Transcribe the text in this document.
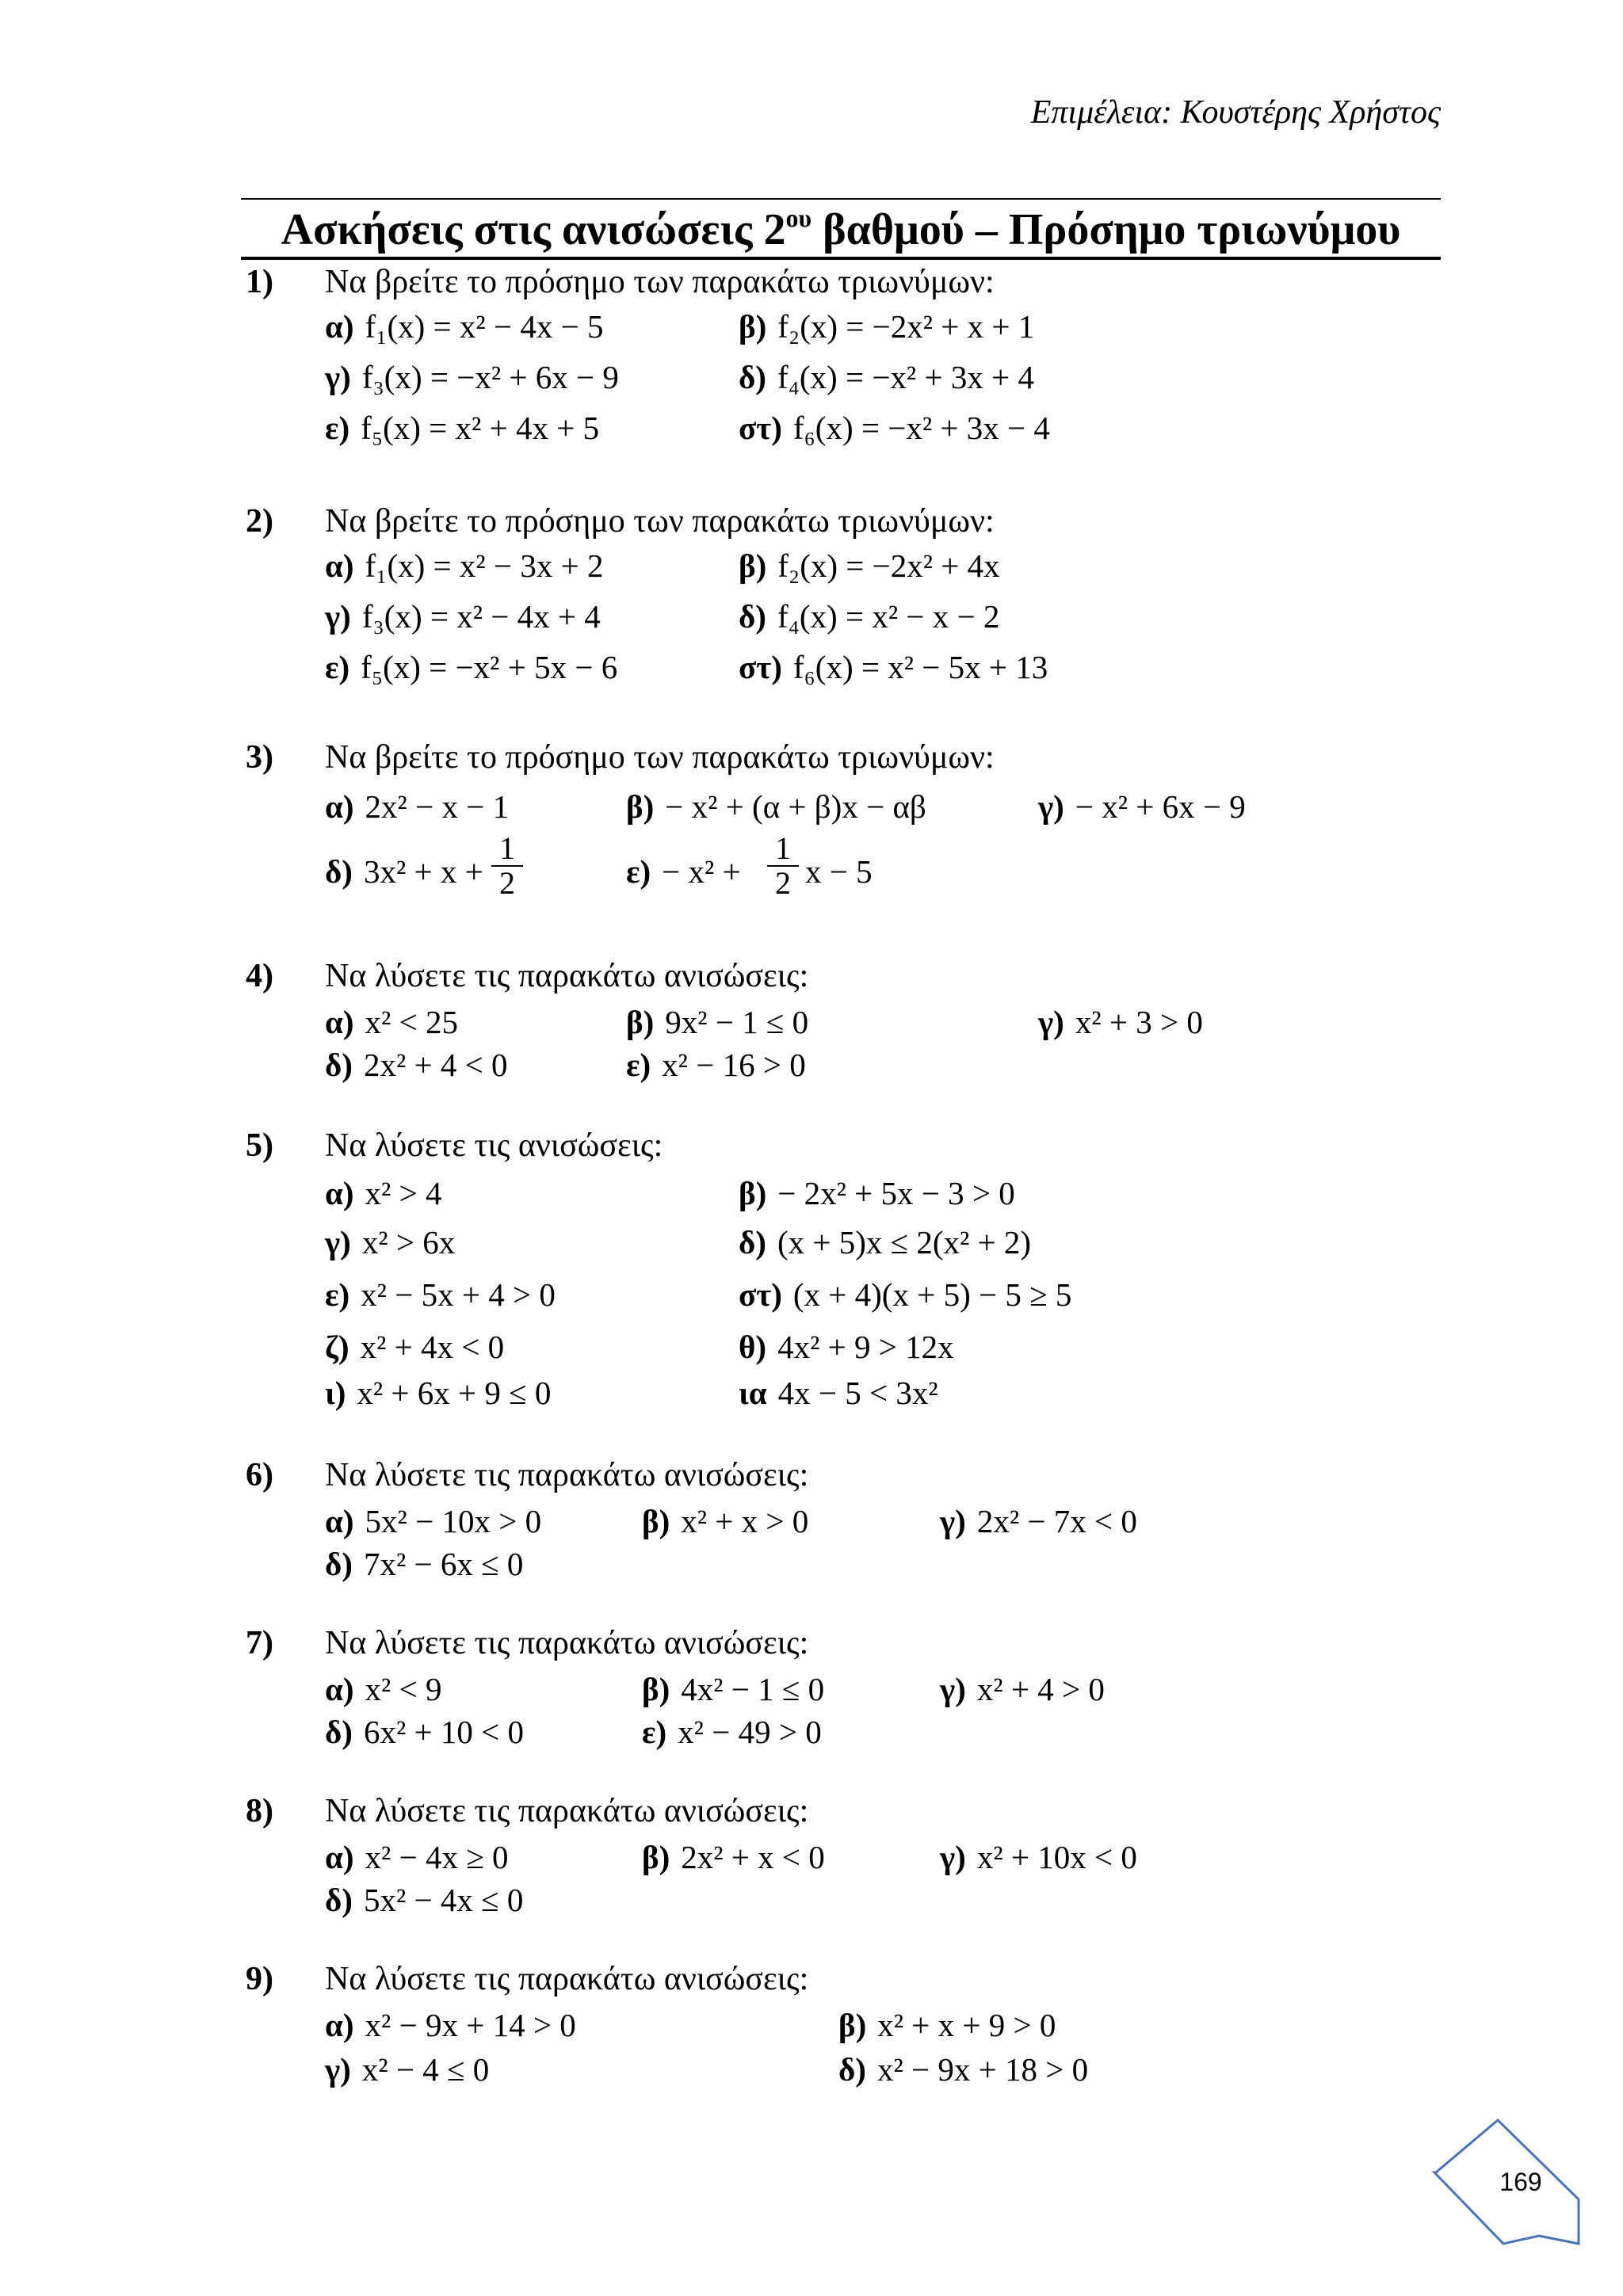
Επιμέλεια: Κουστέρης Χρήστος
Ασκήσεις στις ανισώσεις $2^{o\upsilon}$ βαθμού – Πρόσημο τριωνύμου
1) Να βρείτε το πρόσημο των παρακάτω τριωνύμων:
α) f₁(x) = x² − 4x − 5	β) f₂(x) = −2x² + x + 1
γ) f₃(x) = −x² + 6x − 9	δ) f₄(x) = −x² + 3x + 4
ε) f₅(x) = x² + 4x + 5	στ) f₆(x) = −x² + 3x − 4
2) Να βρείτε το πρόσημο των παρακάτω τριωνύμων:
α) f₁(x) = x² − 3x + 2	β) f₂(x) = −2x² + 4x
γ) f₃(x) = x² − 4x + 4	δ) f₄(x) = x² − x − 2
ε) f₅(x) = −x² + 5x − 6	στ) f₆(x) = x² − 5x + 13
3) Να βρείτε το πρόσημο των παρακάτω τριωνύμων:
α) 2x² − x − 1	β) − x² + (α + β)x − αβ	γ) − x² + 6x − 9
δ) $3x^2 + x + \frac{1}{2}$	$\varepsilon) - x^2 + \frac{1}{2}$ x − 5
4) Να λύσετε τις παρακάτω ανισώσεις:
α) x² < 25	β) 9x² − 1 ≤ 0	γ) x² + 3 > 0
δ) 2x² + 4 < 0	ε) x² − 16 > 0
5) Να λύσετε τις ανισώσεις:
α) x² > 4	β) − 2x² + 5x − 3 > 0
γ) x² > 6x	δ) (x + 5)x ≤ 2(x² + 2)
ε) x² − 5x + 4 > 0	στ) (x + 4)(x + 5) − 5 ≥ 5
ζ) x² + 4x < 0	θ) 4x² + 9 > 12x
ι) x² + 6x + 9 ≤ 0	ια 4x − 5 < 3x²
6) Να λύσετε τις παρακάτω ανισώσεις:
α) 5x² − 10x > 0	β) x² + x > 0	γ) 2x² − 7x < 0
δ) 7x² − 6x ≤ 0
7) Να λύσετε τις παρακάτω ανισώσεις:
α) x² < 9	β) 4x² − 1 ≤ 0	γ) x² + 4 > 0
δ) 6x² + 10 < 0	ε) x² − 49 > 0
8) Να λύσετε τις παρακάτω ανισώσεις:
α) x² − 4x ≥ 0	β) 2x² + x < 0	γ) x² + 10x < 0
δ) 5x² − 4x ≤ 0
9) Να λύσετε τις παρακάτω ανισώσεις:
α) x² − 9x + 14 > 0	β) x² + x + 9 > 0
γ) x² − 4 ≤ 0	δ) x² − 9x + 18 > 0
169
